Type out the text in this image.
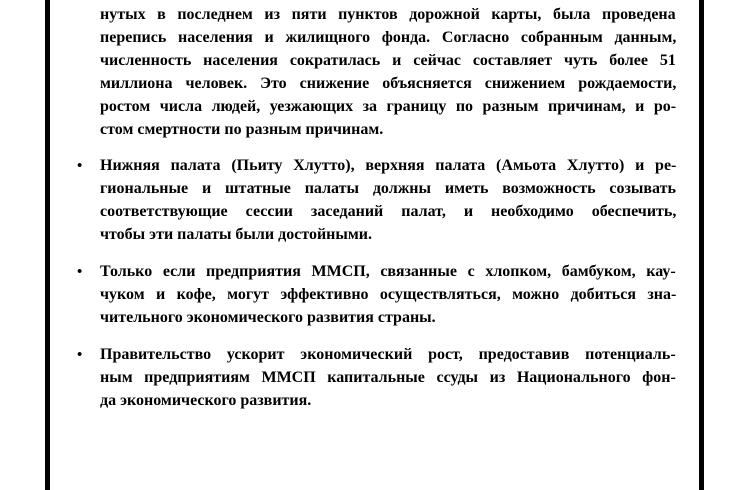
нутых в последнем из пяти пунктов дорожной карты, была проведена
перепись населения и жилищного фонда. Согласно собранным данным,
численность населения сократилась и сейчас составляет чуть более 51
миллиона человек. Это снижение объясняется снижением рождаемости,
ростом числа людей, уезжающих за границу по разным причинам, и ро-
стом смертности по разным причинам.
• Нижняя палата (Пьиту Хлутто), верхняя палата (Амьота Хлутто) и ре-
гиональные и штатные палаты должны иметь возможность созывать
соответствующие сессии заседаний палат, и необходимо обеспечить,
чтобы эти палаты были достойными.
• Только если предприятия ММСП, связанные с хлопком, бамбуком, кау-
чуком и кофе, могут эффективно осуществляться, можно добиться зна-
чительного экономического развития страны.
• Правительство ускорит экономический рост, предоставив потенциаль-
ным предприятиям ММСП капитальные ссуды из Национального фон-
да экономического развития.
